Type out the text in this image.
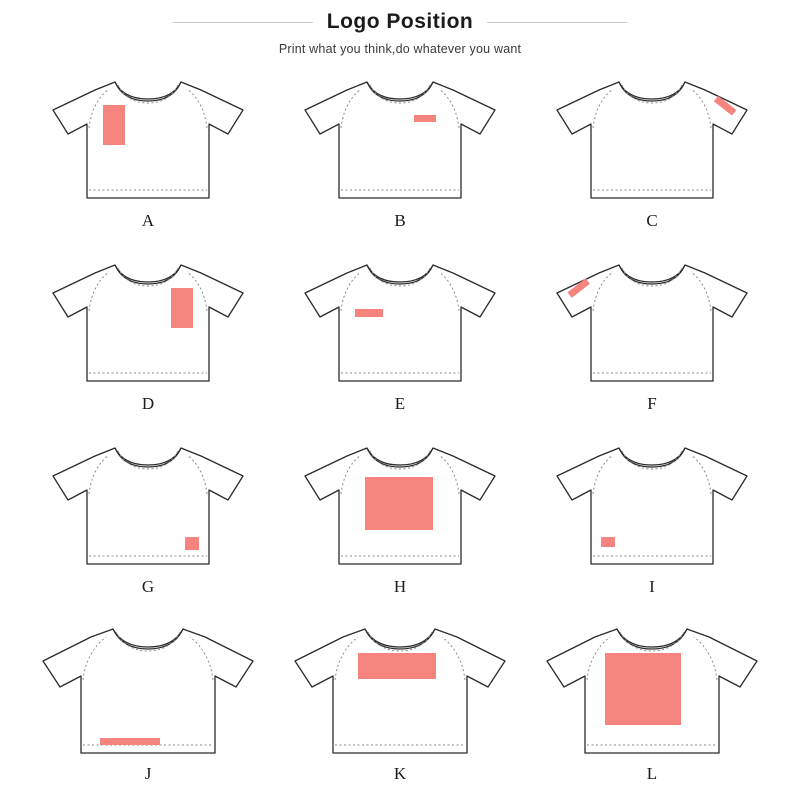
Logo Position
Print what you think,do whatever you want
A	B	C
D	E	F
G	H	I
J	K	L
